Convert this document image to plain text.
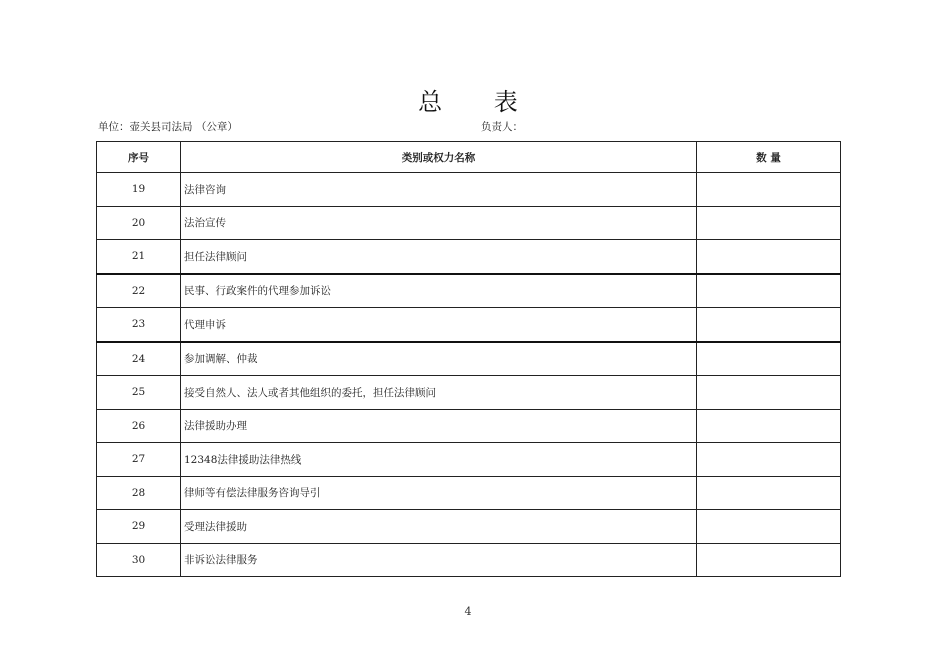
总 表
单位：壶关县司法局 （公章）	负责人：
序号	类别或权力名称	数 量
19	法律咨询	
20	法治宣传	
21	担任法律顾问	
22	民事、行政案件的代理参加诉讼	
23	代理申诉	
24	参加调解、仲裁	
25	接受自然人、法人或者其他组织的委托，担任法律顾问	
26	法律援助办理	
27	12348法律援助法律热线	
28	律师等有偿法律服务咨询导引	
29	受理法律援助	
30	非诉讼法律服务	
4
